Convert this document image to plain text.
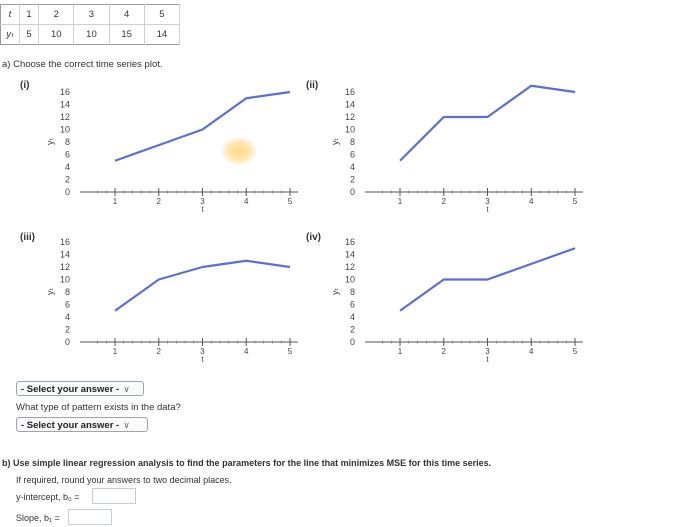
t	1	2	3	4	5
yₜ	5	10	10	15	14
a) Choose the correct time series plot.
(i)	(ii)
(iii)	(iv)
0
2
4
6
8
10
12
14
16
yₜ
1	2	3	4	5
t
0
2
4
6
8
10
12
14
16
yₜ
1	2	3	4	5
t
0
2
4
6
8
10
12
14
16
yₜ
1	2	3	4	5
t
0
2
4
6
8
10
12
14
16
yₜ
1	2	3	4	5
t
- Select your answer - ∨
What type of pattern exists in the data?
- Select your answer - ∨
b) Use simple linear regression analysis to find the parameters for the line that minimizes MSE for this time series.
If required, round your answers to two decimal places.
y-intercept, b₀ =
Slope, b₁ =
